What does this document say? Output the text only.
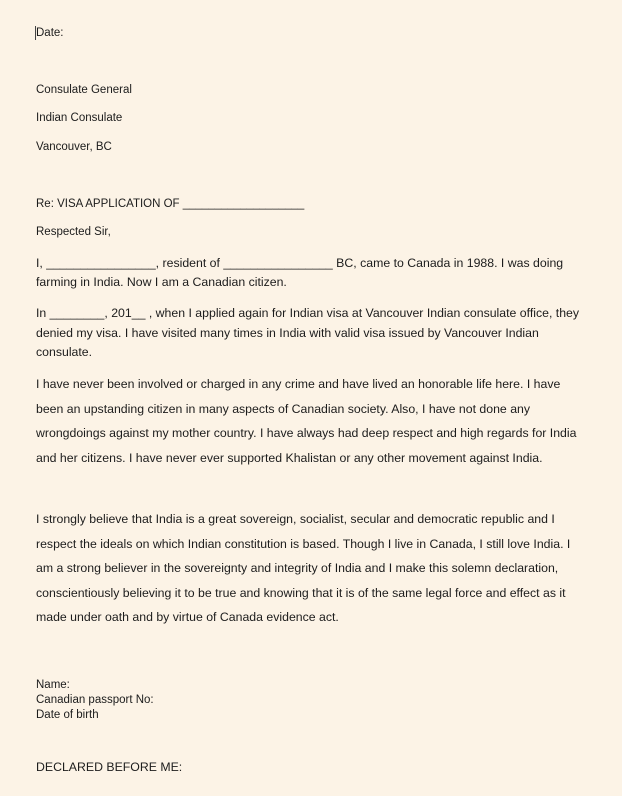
Date:

Consulate General

Indian Consulate

Vancouver, BC

Re: VISA APPLICATION OF ___________________

Respected Sir,

I, ________________, resident of ________________ BC, came to Canada in 1988. I was doing farming in India. Now I am a Canadian citizen.

In ________, 201__ , when I applied again for Indian visa at Vancouver Indian consulate office, they denied my visa. I have visited many times in India with valid visa issued by Vancouver Indian consulate.

I have never been involved or charged in any crime and have lived an honorable life here. I have been an upstanding citizen in many aspects of Canadian society. Also, I have not done any wrongdoings against my mother country. I have always had deep respect and high regards for India and her citizens. I have never ever supported Khalistan or any other movement against India.

I strongly believe that India is a great sovereign, socialist, secular and democratic republic and I respect the ideals on which Indian constitution is based. Though I live in Canada, I still love India. I am a strong believer in the sovereignty and integrity of India and I make this solemn declaration, conscientiously believing it to be true and knowing that it is of the same legal force and effect as it made under oath and by virtue of Canada evidence act.

Name:

Canadian passport No:

Date of birth

DECLARED BEFORE ME:
